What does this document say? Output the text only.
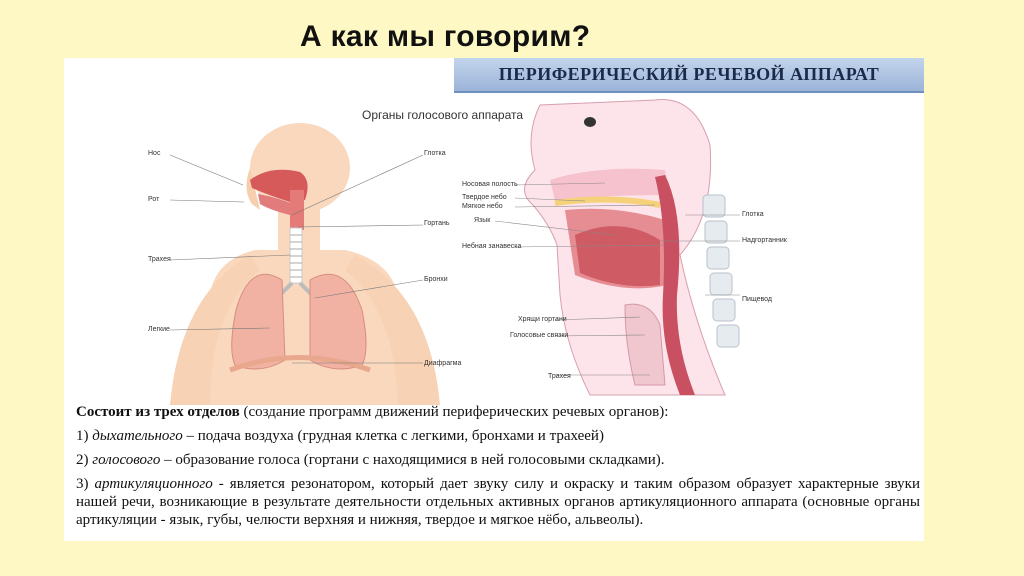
А как мы говорим?
ПЕРИФЕРИЧЕСКИЙ РЕЧЕВОЙ АППАРАТ
Органы голосового аппарата
Нос
Рот
Трахея
Легкие
Глотка
Гортань
Бронхи
Диафрагма
Носовая полость
Твердое небо
Мягкое небо
Язык
Небная занавеска
Глотка
Надгортанник
Пищевод
Хрящи гортани
Голосовые связки
Трахея

Состоит из трех отделов (создание программ движений периферических речевых органов):

1) дыхательного – подача воздуха (грудная клетка с легкими, бронхами и трахеей)

2) голосового – образование голоса (гортани с находящимися в ней голосовыми складками).

3) артикуляционного - является резонатором, который дает звуку силу и окраску и таким образом образует характерные звуки нашей речи, возникающие в результате деятельности отдельных активных органов артикуляционного аппарата (основные органы артикуляции - язык, губы, челюсти верхняя и нижняя, твердое и мягкое нёбо, альвеолы).
